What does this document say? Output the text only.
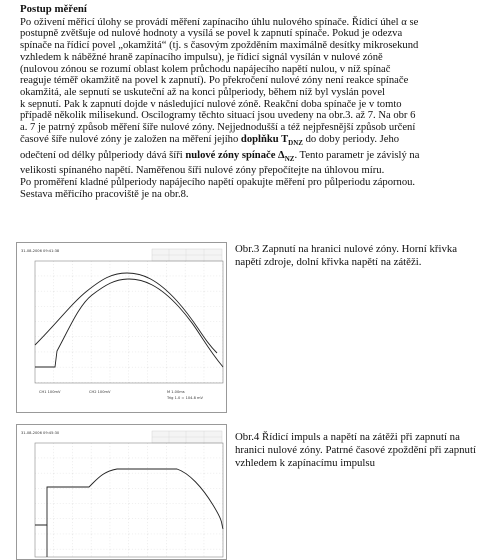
Postup měření

Po oživení měřicí úlohy se provádí měření zapínacího úhlu nulového spínače. Řídicí úhel α se
postupně zvětšuje od nulové hodnoty a vysílá se povel k zapnutí spínače. Pokud je odezva
spínače na řídicí povel „okamžitá“ (tj. s časovým zpožděním maximálně desítky mikrosekund
vzhledem k náběžné hraně zapínacího impulsu), je řídicí signál vysílán v nulové zóně
(nulovou zónou se rozumí oblast kolem průchodu napájecího napětí nulou, v níž spínač
reaguje téměř okamžitě na povel k zapnutí). Po překročení nulové zóny není reakce spínače
okamžitá, ale sepnutí se uskuteční až na konci půlperiody, během níž byl vyslán povel
k sepnutí. Pak k zapnutí dojde v následující nulové zóně. Reakční doba spínače je v tomto
případě několik milisekund. Oscilogramy těchto situací jsou uvedeny na obr.3. až 7. Na obr 6
a. 7 je patrný způsob měření šíře nulové zóny. Nejjednodušší a též nejpřesnější způsob určení
časové šíře nulové zóny je založen na měření jejího doplňku $T_{DNZ}$ do doby periody. Jeho
odečtení od délky půlperiody dává šíři nulové zóny spínače $\Delta_{NZ}$. Tento parametr je závislý na
velikosti spínaného napětí. Naměřenou šíři nulové zóny přepočítejte na úhlovou míru.
Po proměření kladné půlperiody napájecího napětí opakujte měření pro půlperiodu zápornou.
Sestava měřicího pracoviště je na obr.8.

31-08-2006 09:41:38
CH1 100mV	CH2 100mV	M 1.00ms
Trig 1.0 = 104.8 mV
Obr.3 Zapnutí na hranici nulové zóny. Horní křivka napětí zdroje, dolní křivka napětí na zátěži.
31-08-2006 09:45:30	Obr.4 Řídicí impuls a napětí na zátěži při zapnutí na hranici nulové zóny. Patrné časové zpoždění při zapnutí vzhledem k zapínacímu impulsu
